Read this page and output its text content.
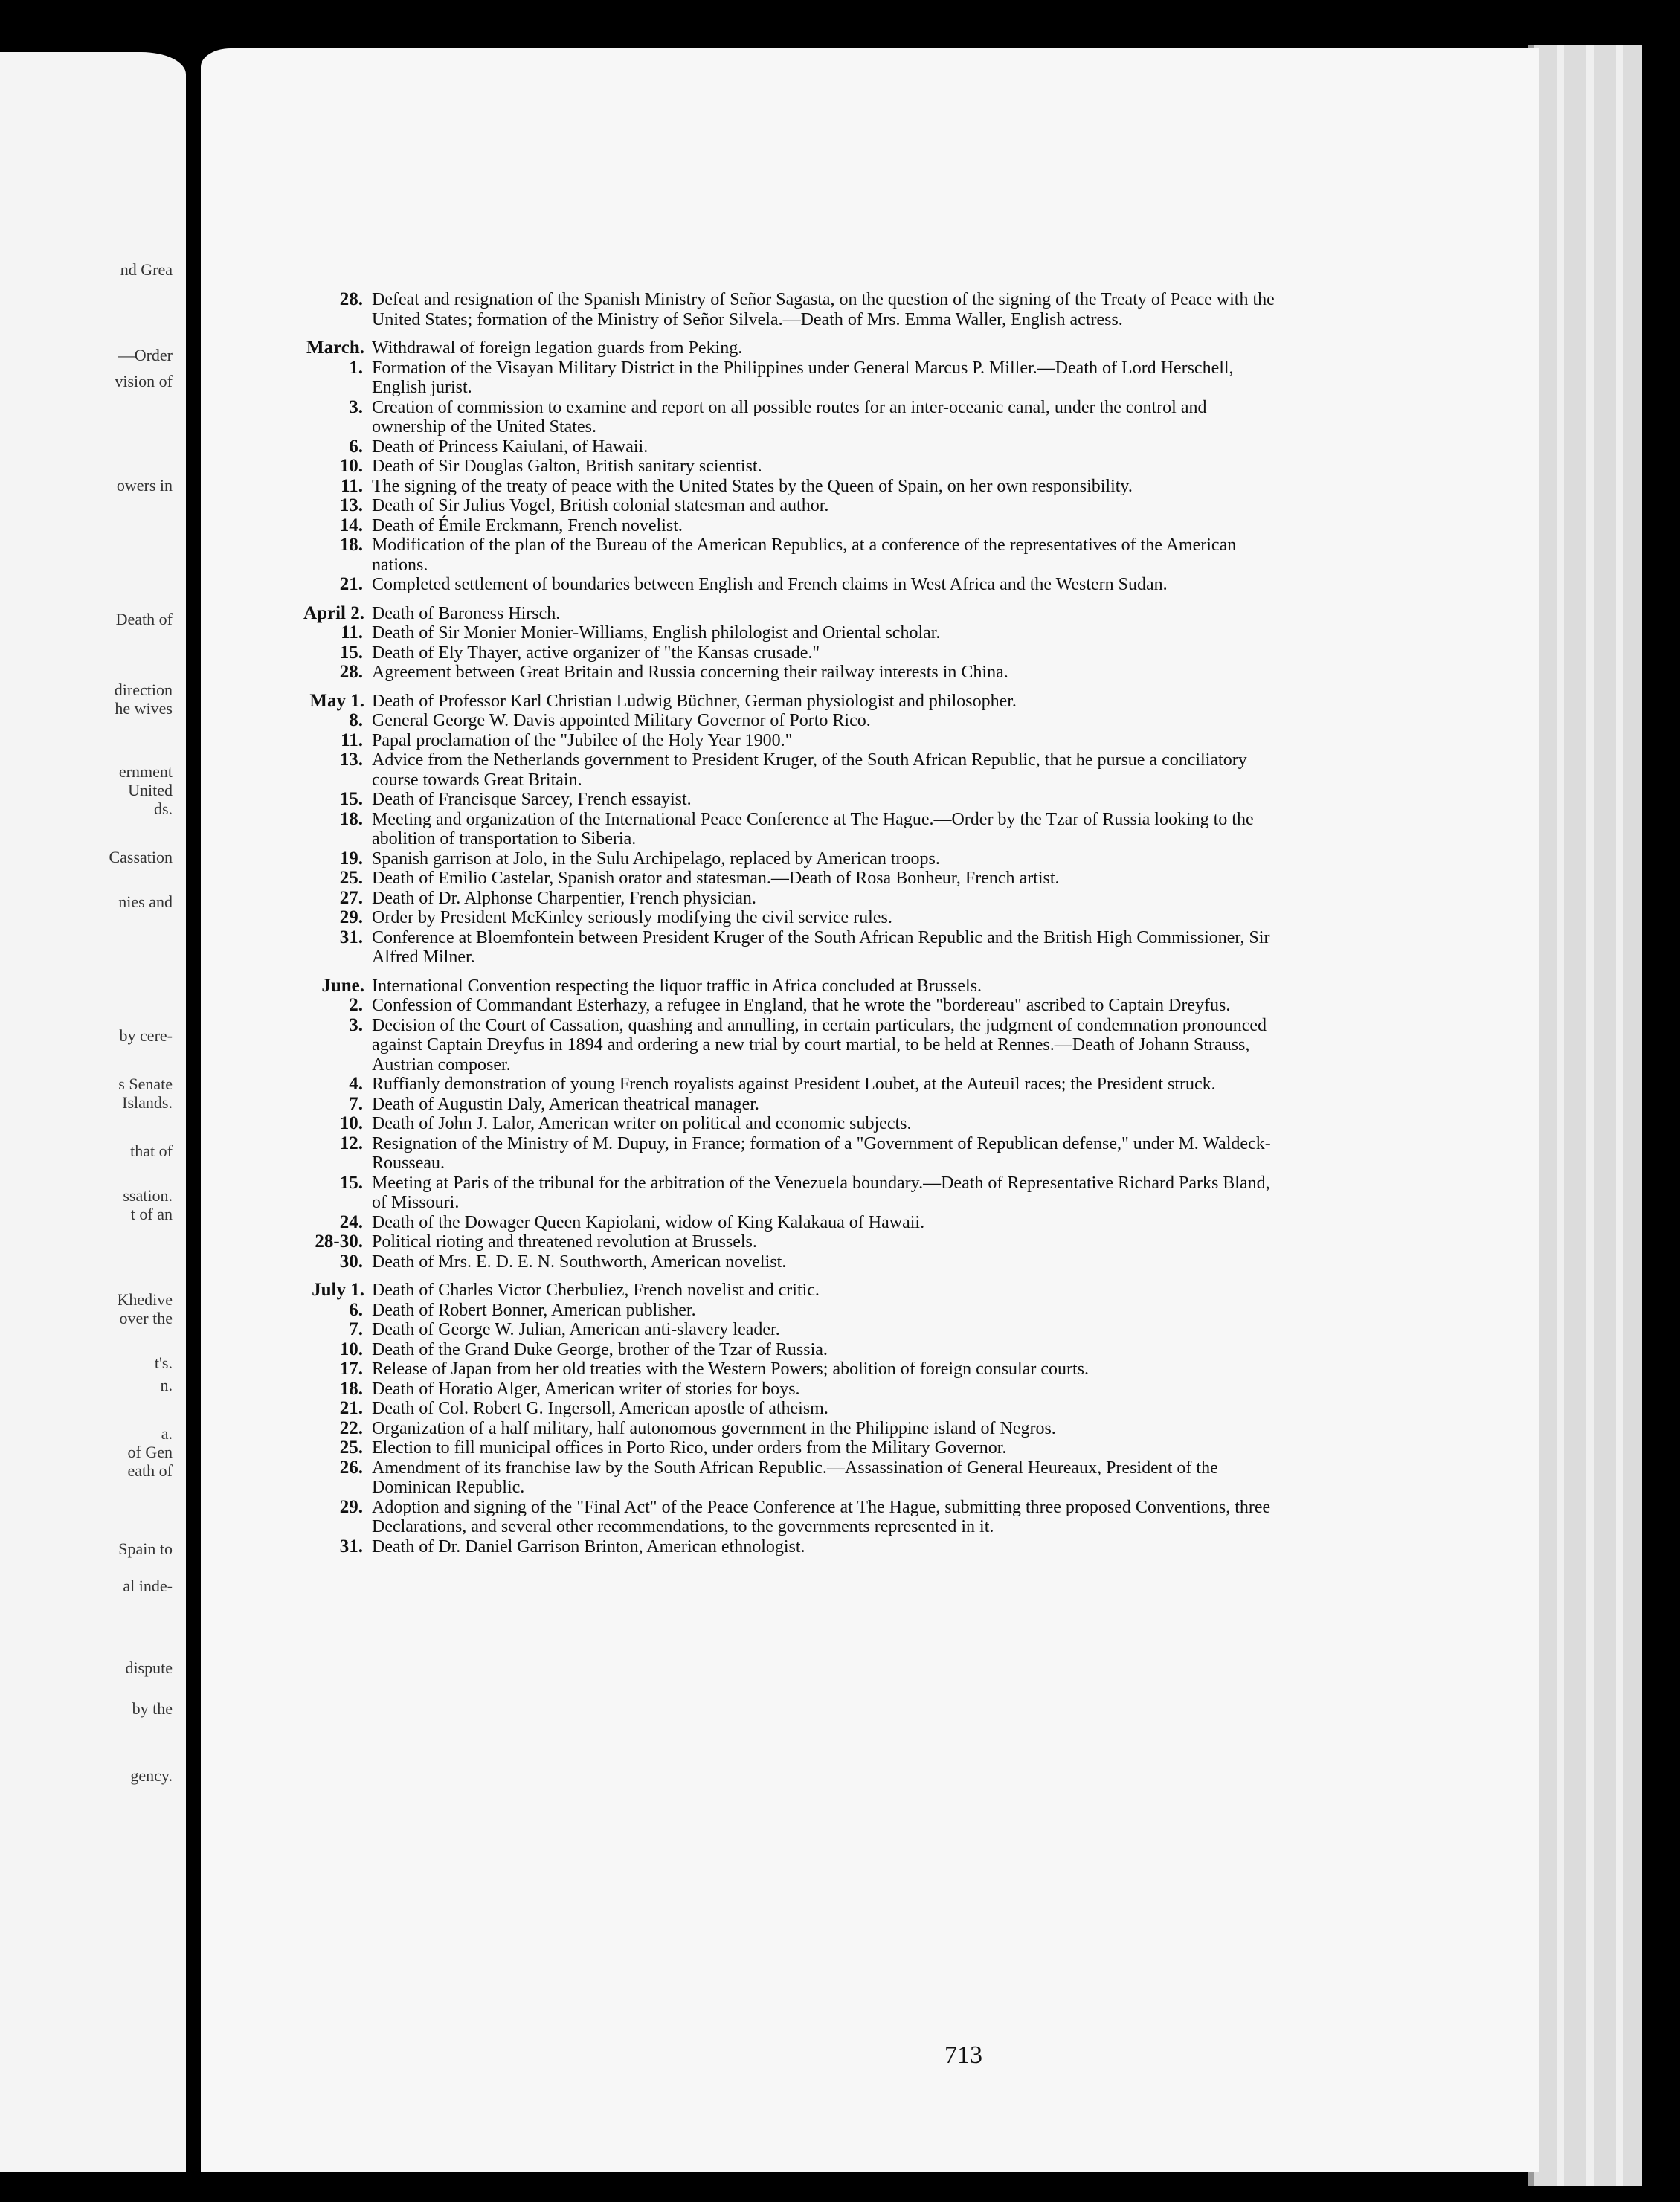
nd Grea
—Order
vision of
owers in
Death of
direction
he wives
ernment
United
ds.
Cassation
nies and
by cere-
s Senate
Islands.
that of
ssation.
t of an
Khedive
over the
t's.
n.
a.
of Gen
eath of
Spain to
al inde-
dispute
by the
gency.

28. Defeat and resignation of the Spanish Ministry of Señor Sagasta, on the question of the signing of the Treaty of Peace with the United States; formation of the Ministry of Señor Silvela.—Death of Mrs. Emma Waller, English actress.

March. Withdrawal of foreign legation guards from Peking.

1. Formation of the Visayan Military District in the Philippines under General Marcus P. Miller.—Death of Lord Herschell, English jurist.

3. Creation of commission to examine and report on all possible routes for an inter-oceanic canal, under the control and ownership of the United States.

6. Death of Princess Kaiulani, of Hawaii.

10. Death of Sir Douglas Galton, British sanitary scientist.

11. The signing of the treaty of peace with the United States by the Queen of Spain, on her own responsibility.

13. Death of Sir Julius Vogel, British colonial statesman and author.

14. Death of Émile Erckmann, French novelist.

18. Modification of the plan of the Bureau of the American Republics, at a conference of the representatives of the American nations.

21. Completed settlement of boundaries between English and French claims in West Africa and the Western Sudan.

April 2. Death of Baroness Hirsch.

11. Death of Sir Monier Monier-Williams, English philologist and Oriental scholar.

15. Death of Ely Thayer, active organizer of "the Kansas crusade."

28. Agreement between Great Britain and Russia concerning their railway interests in China.

May 1. Death of Professor Karl Christian Ludwig Büchner, German physiologist and philosopher.

8. General George W. Davis appointed Military Governor of Porto Rico.

11. Papal proclamation of the "Jubilee of the Holy Year 1900."

13. Advice from the Netherlands government to President Kruger, of the South African Republic, that he pursue a conciliatory course towards Great Britain.

15. Death of Francisque Sarcey, French essayist.

18. Meeting and organization of the International Peace Conference at The Hague.—Order by the Tzar of Russia looking to the abolition of transportation to Siberia.

19. Spanish garrison at Jolo, in the Sulu Archipelago, replaced by American troops.

25. Death of Emilio Castelar, Spanish orator and statesman.—Death of Rosa Bonheur, French artist.

27. Death of Dr. Alphonse Charpentier, French physician.

29. Order by President McKinley seriously modifying the civil service rules.

31. Conference at Bloemfontein between President Kruger of the South African Republic and the British High Commissioner, Sir Alfred Milner.

June. International Convention respecting the liquor traffic in Africa concluded at Brussels.

2. Confession of Commandant Esterhazy, a refugee in England, that he wrote the "bordereau" ascribed to Captain Dreyfus.

3. Decision of the Court of Cassation, quashing and annulling, in certain particulars, the judgment of condemnation pronounced against Captain Dreyfus in 1894 and ordering a new trial by court martial, to be held at Rennes.—Death of Johann Strauss, Austrian composer.

4. Ruffianly demonstration of young French royalists against President Loubet, at the Auteuil races; the President struck.

7. Death of Augustin Daly, American theatrical manager.

10. Death of John J. Lalor, American writer on political and economic subjects.

12. Resignation of the Ministry of M. Dupuy, in France; formation of a "Government of Republican defense," under M. Waldeck-Rousseau.

15. Meeting at Paris of the tribunal for the arbitration of the Venezuela boundary.—Death of Representative Richard Parks Bland, of Missouri.

24. Death of the Dowager Queen Kapiolani, widow of King Kalakaua of Hawaii.

28-30. Political rioting and threatened revolution at Brussels.

30. Death of Mrs. E. D. E. N. Southworth, American novelist.

July 1. Death of Charles Victor Cherbuliez, French novelist and critic.

6. Death of Robert Bonner, American publisher.

7. Death of George W. Julian, American anti-slavery leader.

10. Death of the Grand Duke George, brother of the Tzar of Russia.

17. Release of Japan from her old treaties with the Western Powers; abolition of foreign consular courts.

18. Death of Horatio Alger, American writer of stories for boys.

21. Death of Col. Robert G. Ingersoll, American apostle of atheism.

22. Organization of a half military, half autonomous government in the Philippine island of Negros.

25. Election to fill municipal offices in Porto Rico, under orders from the Military Governor.

26. Amendment of its franchise law by the South African Republic.—Assassination of General Heureaux, President of the Dominican Republic.

29. Adoption and signing of the "Final Act" of the Peace Conference at The Hague, submitting three proposed Conventions, three Declarations, and several other recommendations, to the governments represented in it.

31. Death of Dr. Daniel Garrison Brinton, American ethnologist.

713
